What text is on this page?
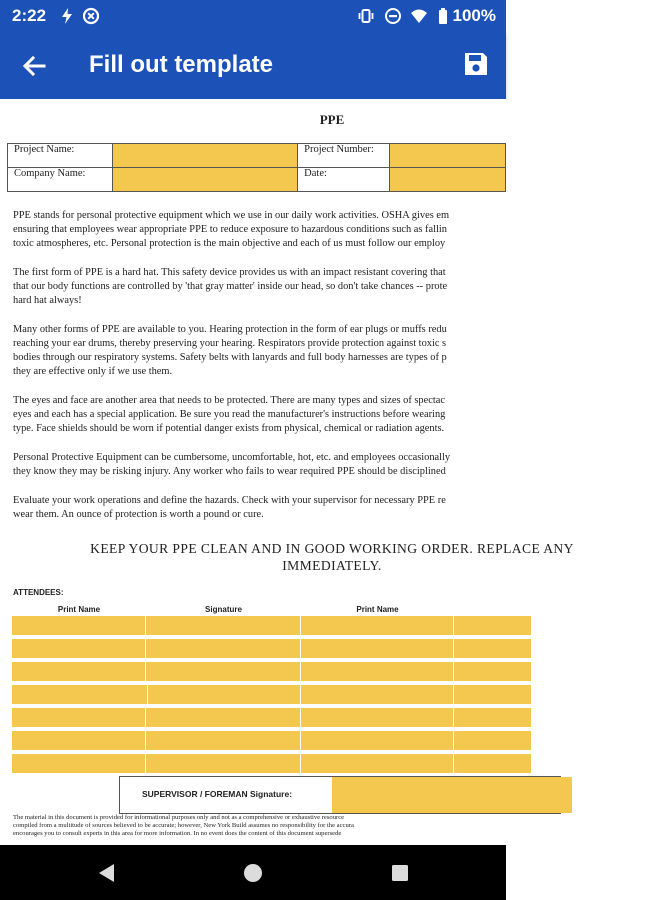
2:22	100%
Fill out template
PPE
Project Name:		Project Number:	
Company Name:		Date:	
PPE stands for personal protective equipment which we use in our daily work activities. OSHA gives em
ensuring that employees wear appropriate PPE to reduce exposure to hazardous conditions such as fallin
toxic atmospheres, etc. Personal protection is the main objective and each of us must follow our employ
The first form of PPE is a hard hat. This safety device provides us with an impact resistant covering that
that our body functions are controlled by 'that gray matter' inside our head, so don't take chances -- prote
hard hat always!
Many other forms of PPE are available to you. Hearing protection in the form of ear plugs or muffs redu
reaching your ear drums, thereby preserving your hearing. Respirators provide protection against toxic s
bodies through our respiratory systems. Safety belts with lanyards and full body harnesses are types of p
they are effective only if we use them.
The eyes and face are another area that needs to be protected. There are many types and sizes of spectac
eyes and each has a special application. Be sure you read the manufacturer's instructions before wearing
type. Face shields should be worn if potential danger exists from physical, chemical or radiation agents.
Personal Protective Equipment can be cumbersome, uncomfortable, hot, etc. and employees occasionally
they know they may be risking injury. Any worker who fails to wear required PPE should be disciplined
Evaluate your work operations and define the hazards. Check with your supervisor for necessary PPE re
wear them. An ounce of protection is worth a pound or cure.
KEEP YOUR PPE CLEAN AND IN GOOD WORKING ORDER. REPLACE ANY
IMMEDIATELY.
ATTENDEES:
Print Name	Signature	Print Name
SUPERVISOR / FOREMAN Signature:
The material in this document is provided for informational purposes only and not as a comprehensive or exhaustive resource
compiled from a multitude of sources believed to be accurate; however, New York Build assumes no responsibility for the accura
encourages you to consult experts in this area for more information. In no event does the content of this document supersede
